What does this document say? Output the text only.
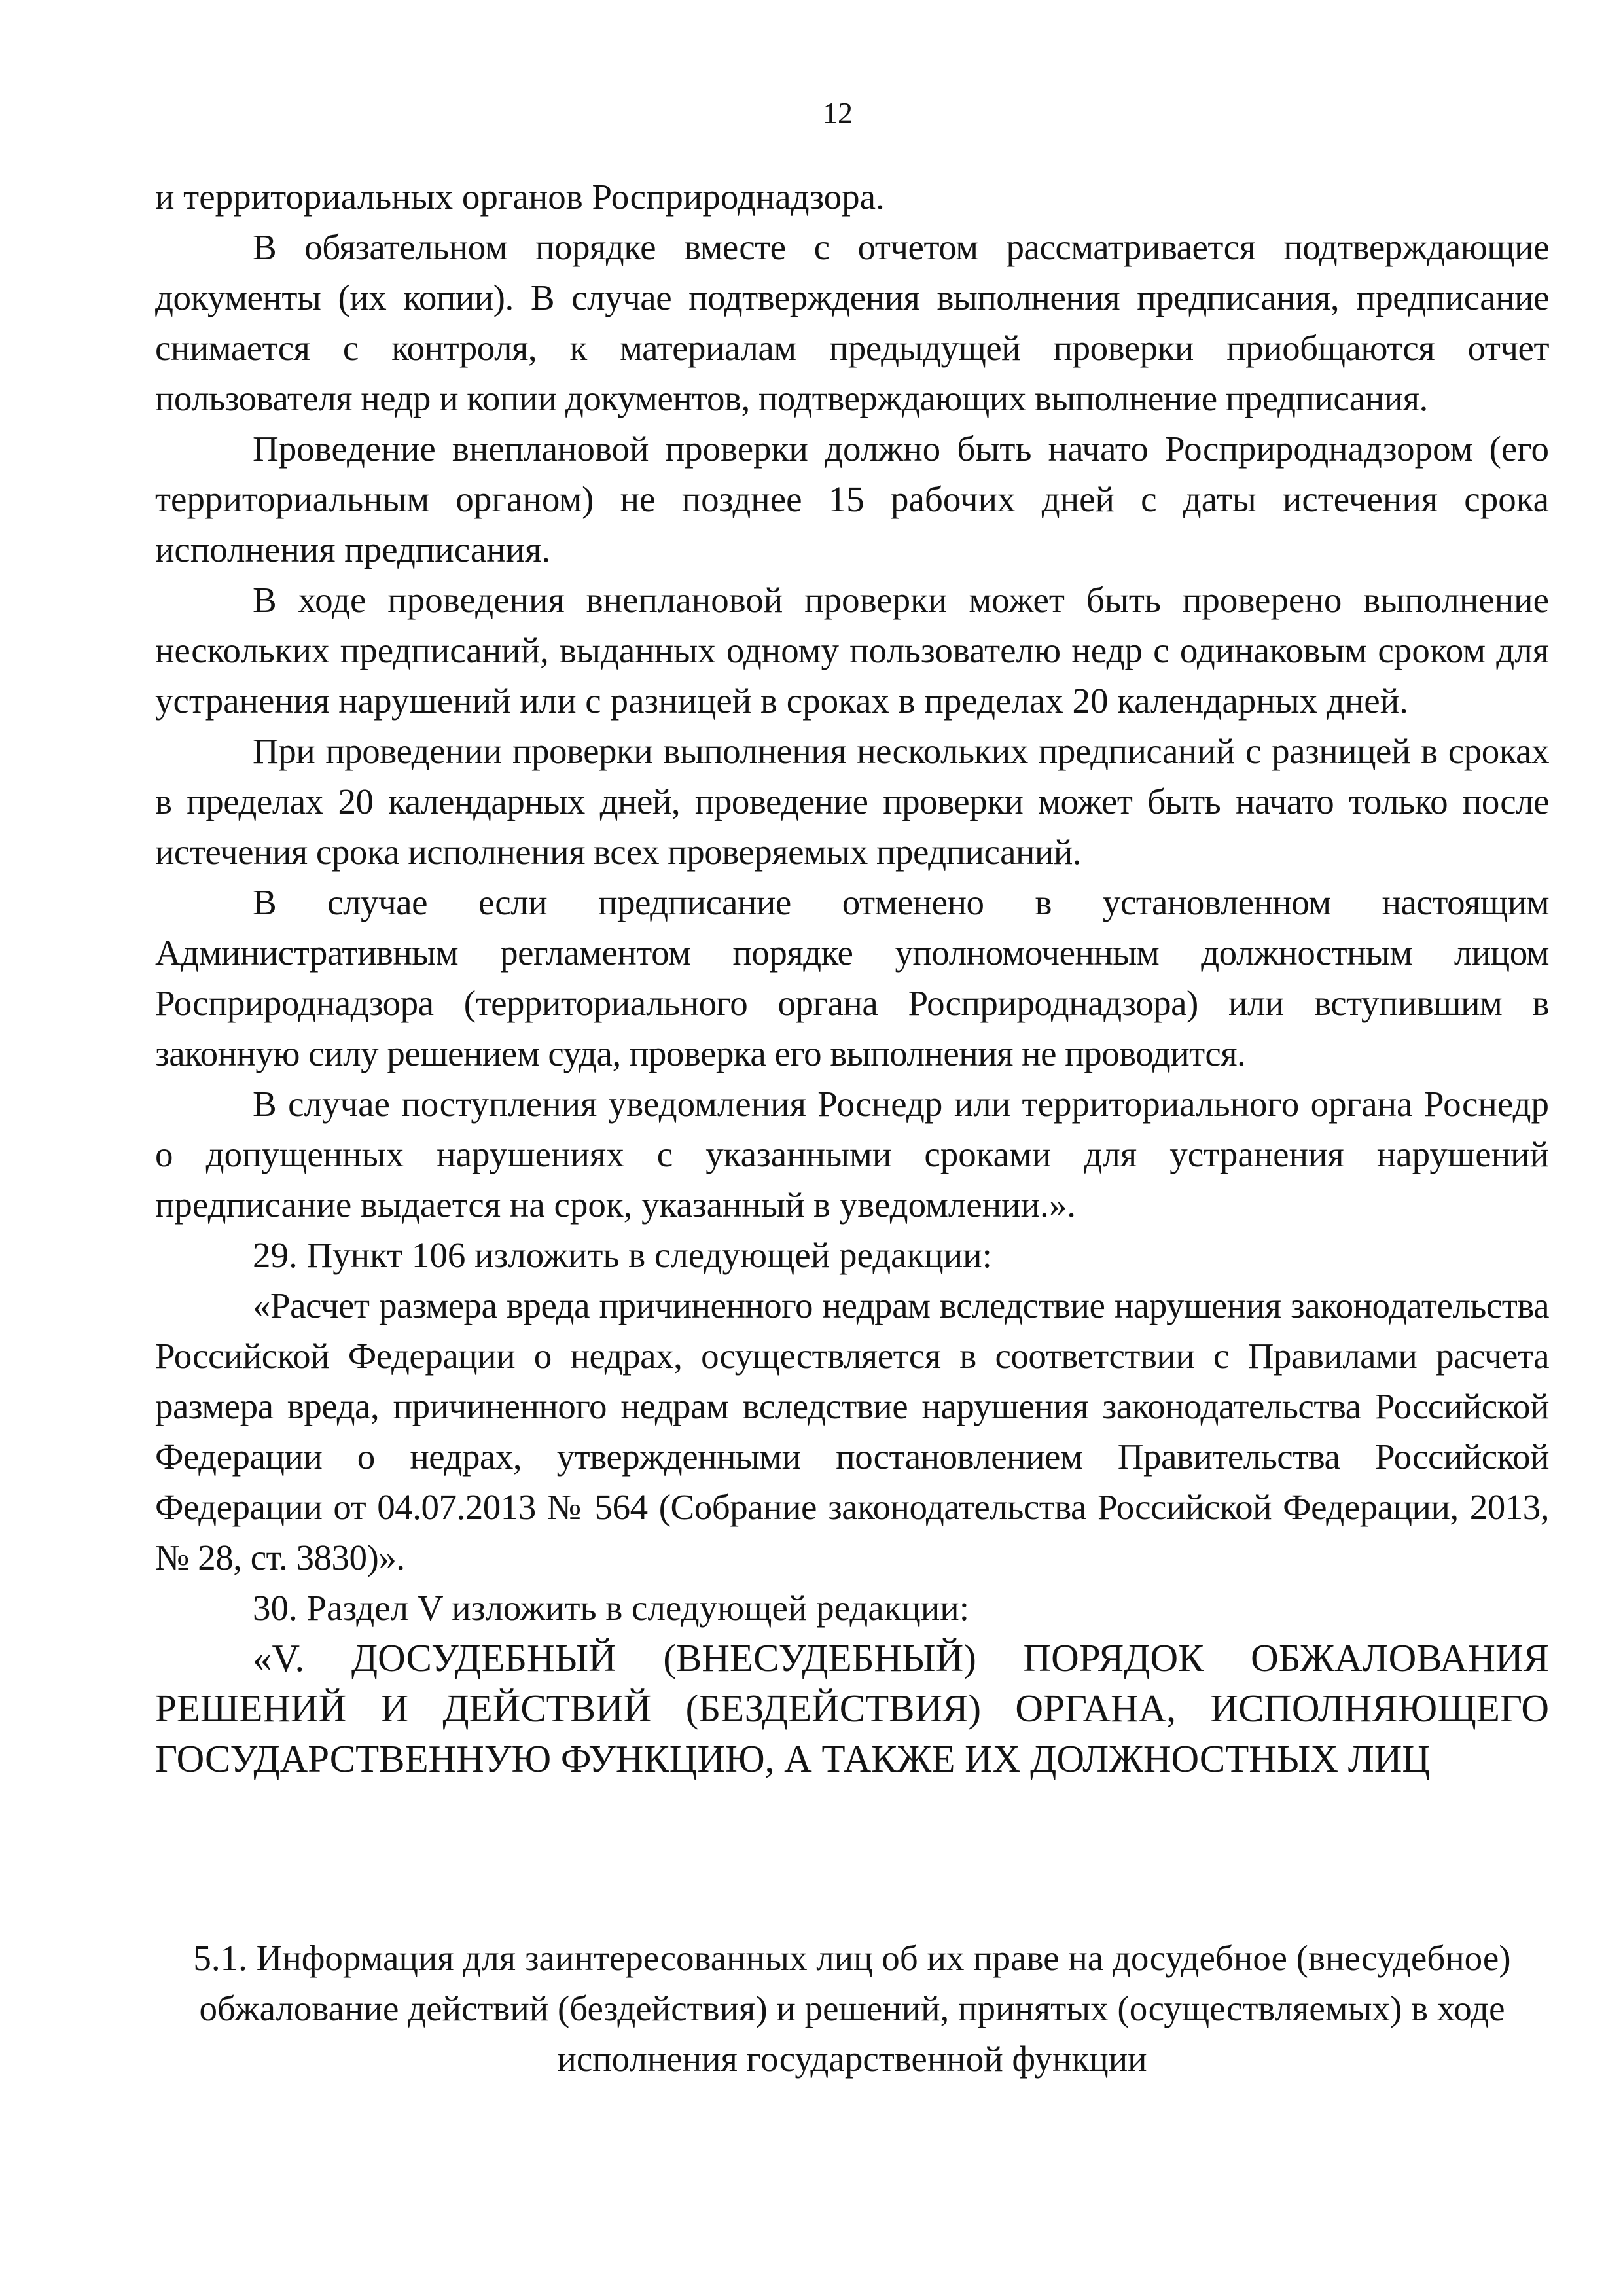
12

и территориальных органов Росприроднадзора.

В обязательном порядке вместе с отчетом рассматривается подтверждающие документы (их копии). В случае подтверждения выполнения предписания, предписание снимается с контроля, к материалам предыдущей проверки приобщаются отчет пользователя недр и копии документов, подтверждающих выполнение предписания.

Проведение внеплановой проверки должно быть начато Росприроднадзором (его территориальным органом) не позднее 15 рабочих дней с даты истечения срока исполнения предписания.

В ходе проведения внеплановой проверки может быть проверено выполнение нескольких предписаний, выданных одному пользователю недр с одинаковым сроком для устранения нарушений или с разницей в сроках в пределах 20 календарных дней.

При проведении проверки выполнения нескольких предписаний с разницей в сроках в пределах 20 календарных дней, проведение проверки может быть начато только после истечения срока исполнения всех проверяемых предписаний.

В случае если предписание отменено в установленном настоящим Административным регламентом порядке уполномоченным должностным лицом Росприроднадзора (территориального органа Росприроднадзора) или вступившим в законную силу решением суда, проверка его выполнения не проводится.

В случае поступления уведомления Роснедр или территориального органа Роснедр о допущенных нарушениях с указанными сроками для устранения нарушений предписание выдается на срок, указанный в уведомлении.».

29. Пункт 106 изложить в следующей редакции:

«Расчет размера вреда причиненного недрам вследствие нарушения законодательства Российской Федерации о недрах, осуществляется в соответствии с Правилами расчета размера вреда, причиненного недрам вследствие нарушения законодательства Российской Федерации о недрах, утвержденными постановлением Правительства Российской Федерации от 04.07.2013 № 564 (Собрание законодательства Российской Федерации, 2013, № 28, ст. 3830)».

30. Раздел V изложить в следующей редакции:

«V. ДОСУДЕБНЫЙ (ВНЕСУДЕБНЫЙ) ПОРЯДОК ОБЖАЛОВАНИЯ РЕШЕНИЙ И ДЕЙСТВИЙ (БЕЗДЕЙСТВИЯ) ОРГАНА, ИСПОЛНЯЮЩЕГО ГОСУДАРСТВЕННУЮ ФУНКЦИЮ, А ТАКЖЕ ИХ ДОЛЖНОСТНЫХ ЛИЦ

5.1. Информация для заинтересованных лиц об их праве на досудебное (внесудебное) обжалование действий (бездействия) и решений, принятых (осуществляемых) в ходе исполнения государственной функции
